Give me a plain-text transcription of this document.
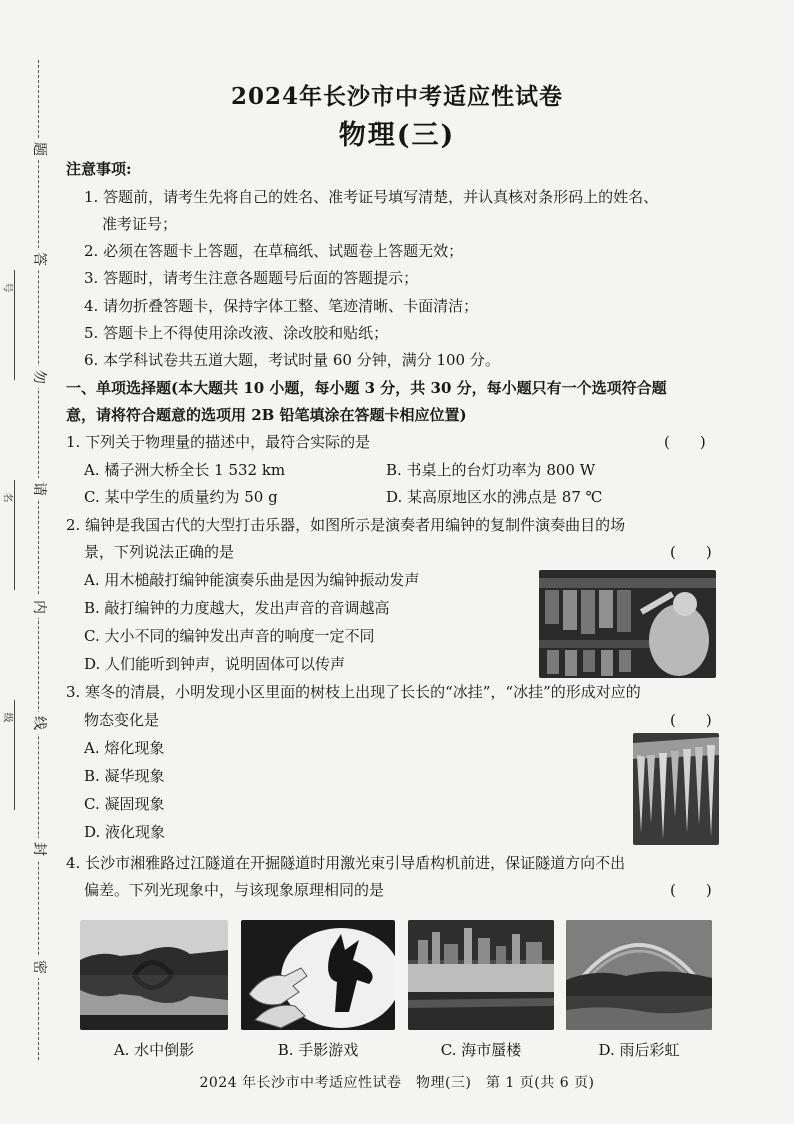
题
答
勿
请
内
线
封
密
号
名
级
2024年长沙市中考适应性试卷
物理(三)
注意事项:
1. 答题前，请考生先将自己的姓名、准考证号填写清楚，并认真核对条形码上的姓名、
准考证号；
2. 必须在答题卡上答题，在草稿纸、试题卷上答题无效；
3. 答题时，请考生注意各题题号后面的答题提示；
4. 请勿折叠答题卡，保持字体工整、笔迹清晰、卡面清洁；
5. 答题卡上不得使用涂改液、涂改胶和贴纸；
6. 本学科试卷共五道大题，考试时量 60 分钟，满分 100 分。
一、单项选择题(本大题共 10 小题，每小题 3 分，共 30 分，每小题只有一个选项符合题
意，请将符合题意的选项用 2B 铅笔填涂在答题卡相应位置)
1. 下列关于物理量的描述中，最符合实际的是	(　　)
A. 橘子洲大桥全长 1 532 km	B. 书桌上的台灯功率为 800 W
C. 某中学生的质量约为 50 g	D. 某高原地区水的沸点是 87 ℃
2. 编钟是我国古代的大型打击乐器，如图所示是演奏者用编钟的复制件演奏曲目的场
景，下列说法正确的是	(　　)
A. 用木槌敲打编钟能演奏乐曲是因为编钟振动发声
B. 敲打编钟的力度越大，发出声音的音调越高
C. 大小不同的编钟发出声音的响度一定不同
D. 人们能听到钟声，说明固体可以传声
3. 寒冬的清晨，小明发现小区里面的树枝上出现了长长的“冰挂”，“冰挂”的形成对应的
物态变化是	(　　)
A. 熔化现象
B. 凝华现象
C. 凝固现象
D. 液化现象
4. 长沙市湘雅路过江隧道在开掘隧道时用激光束引导盾构机前进，保证隧道方向不出
偏差。下列光现象中，与该现象原理相同的是	(　　)
A. 水中倒影	B. 手影游戏	C. 海市蜃楼	D. 雨后彩虹
2024 年长沙市中考适应性试卷　物理(三)　第 1 页(共 6 页)
